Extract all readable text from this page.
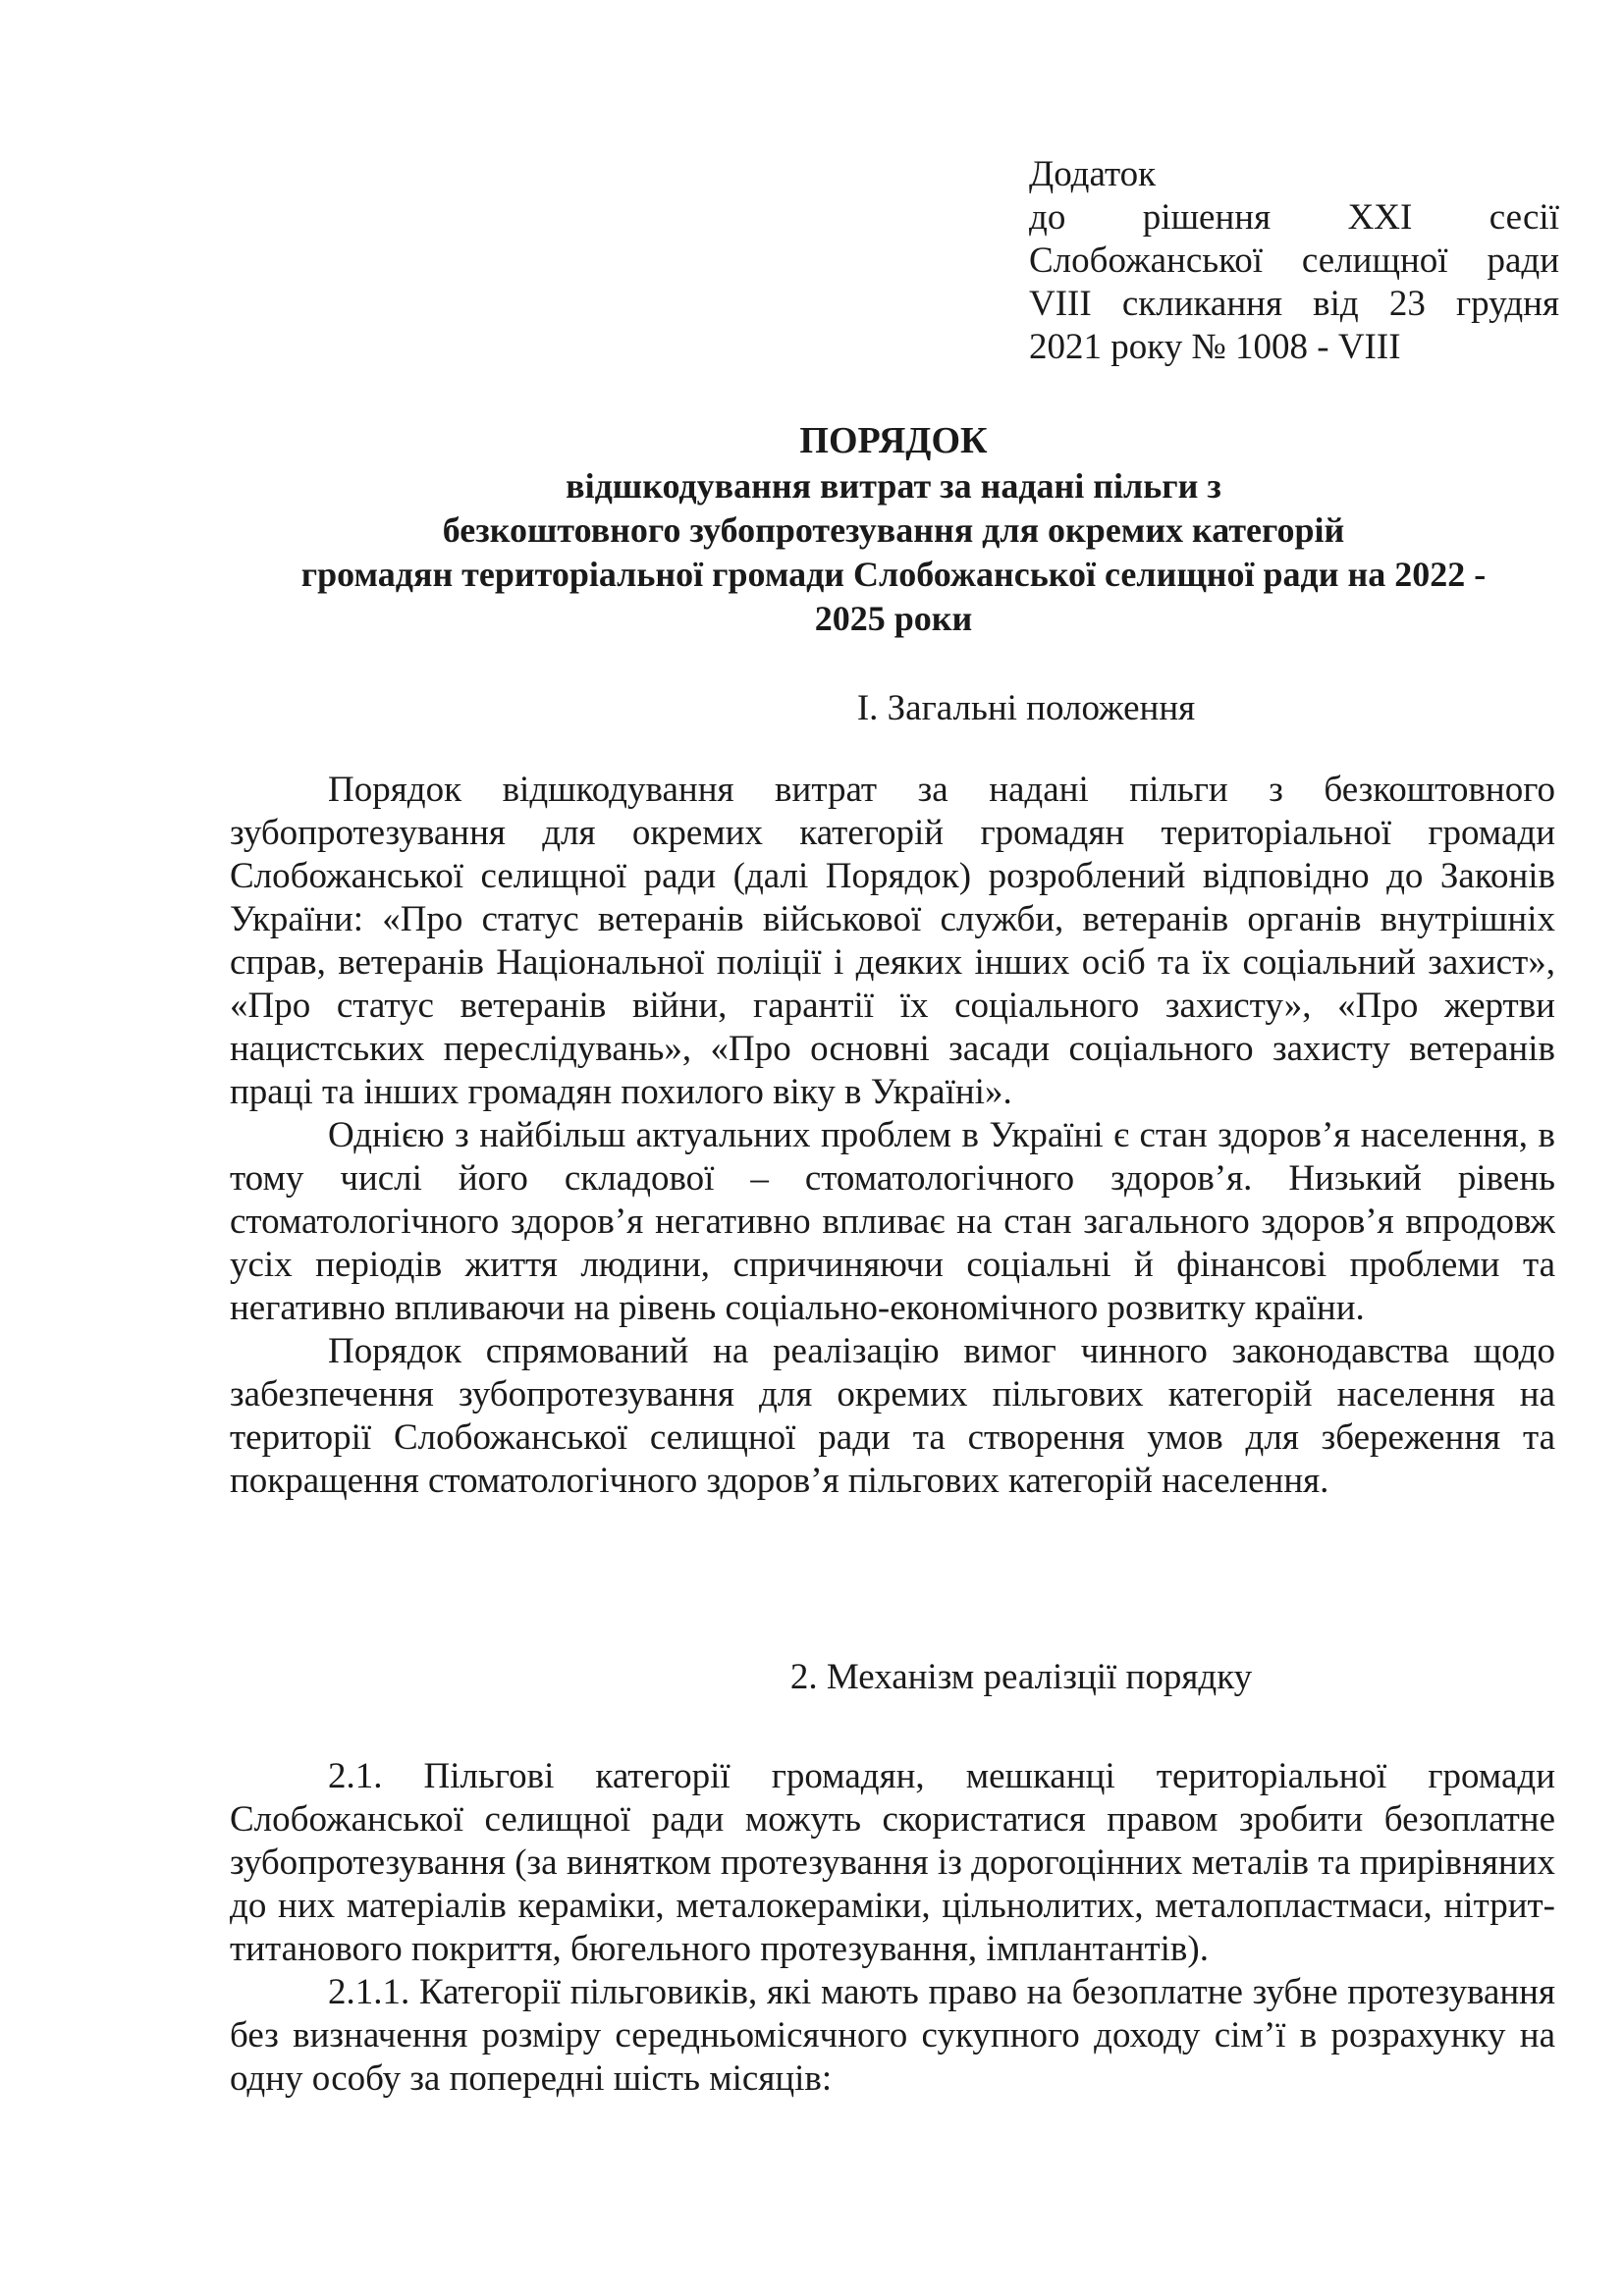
Додаток
до рішення XXI сесії
Слобожанської селищної ради
VIII скликання від 23 грудня
2021 року № 1008 - VIII
ПОРЯДОК
відшкодування витрат за надані пільги з
безкоштовного зубопротезування для окремих категорій
громадян територіальної громади Слобожанської селищної ради на 2022 -
2025 роки
І. Загальні положення

Порядок відшкодування витрат за надані пільги з безкоштовного зубопротезування для окремих категорій громадян територіальної громади Слобожанської селищної ради (далі Порядок) розроблений відповідно до Законів України: «Про статус ветеранів військової служби, ветеранів органів внутрішніх справ, ветеранів Національної поліції і деяких інших осіб та їх соціальний захист», «Про статус ветеранів війни, гарантії їх соціального захисту», «Про жертви нацистських переслідувань», «Про основні засади соціального захисту ветеранів праці та інших громадян похилого віку в Україні».

Однією з найбільш актуальних проблем в Україні є стан здоров’я населення, в тому числі його складової – стоматологічного здоров’я. Низький рівень стоматологічного здоров’я негативно впливає на стан загального здоров’я впродовж усіх періодів життя людини, спричиняючи соціальні й фінансові проблеми та негативно впливаючи на рівень соціально-економічного розвитку країни.

Порядок спрямований на реалізацію вимог чинного законодавства щодо забезпечення зубопротезування для окремих пільгових категорій населення на території Слобожанської селищної ради та створення умов для збереження та покращення стоматологічного здоров’я пільгових категорій населення.

2. Механізм реалізції порядку

2.1. Пільгові категорії громадян, мешканці територіальної громади Слобожанської селищної ради можуть скористатися правом зробити безоплатне зубопротезування (за винятком протезування із дорогоцінних металів та прирівняних до них матеріалів кераміки, металокераміки, цільнолитих, металопластмаси, нітрит-титанового покриття, бюгельного протезування, імплантантів).

2.1.1. Категорії пільговиків, які мають право на безоплатне зубне протезування без визначення розміру середньомісячного сукупного доходу сім’ї в розрахунку на одну особу за попередні шість місяців:
